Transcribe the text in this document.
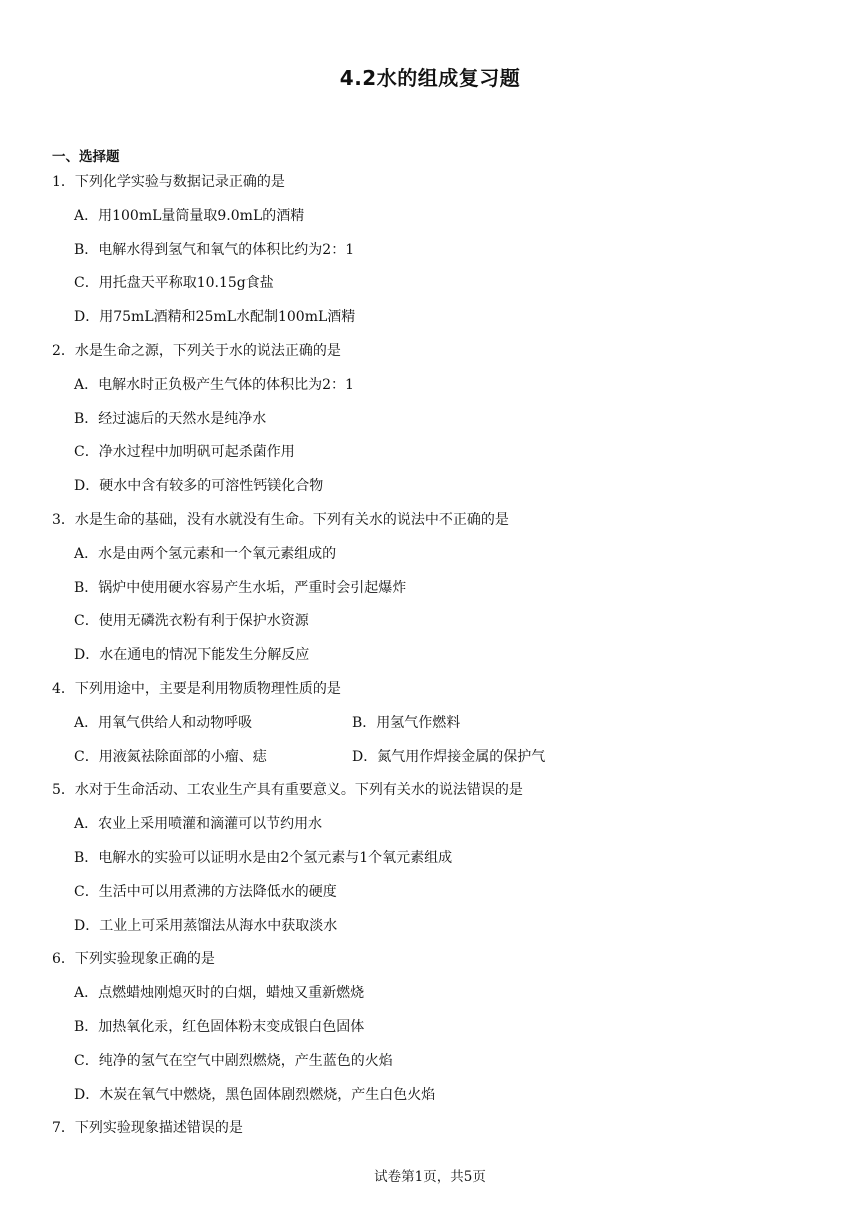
4.2水的组成复习题
一、选择题
1．下列化学实验与数据记录正确的是
A．用100mL量筒量取9.0mL的酒精
B．电解水得到氢气和氧气的体积比约为2：1
C．用托盘天平称取10.15g食盐
D．用75mL酒精和25mL水配制100mL酒精
2．水是生命之源，下列关于水的说法正确的是
A．电解水时正负极产生气体的体积比为2：1
B．经过滤后的天然水是纯净水
C．净水过程中加明矾可起杀菌作用
D．硬水中含有较多的可溶性钙镁化合物
3．水是生命的基础，没有水就没有生命。下列有关水的说法中不正确的是
A．水是由两个氢元素和一个氧元素组成的
B．锅炉中使用硬水容易产生水垢，严重时会引起爆炸
C．使用无磷洗衣粉有利于保护水资源
D．水在通电的情况下能发生分解反应
4．下列用途中，主要是利用物质物理性质的是
A．用氧气供给人和动物呼吸	B．用氢气作燃料
C．用液氮祛除面部的小瘤、痣	D．氮气用作焊接金属的保护气
5．水对于生命活动、工农业生产具有重要意义。下列有关水的说法错误的是
A．农业上采用喷灌和滴灌可以节约用水
B．电解水的实验可以证明水是由2个氢元素与1个氧元素组成
C．生活中可以用煮沸的方法降低水的硬度
D．工业上可采用蒸馏法从海水中获取淡水
6．下列实验现象正确的是
A．点燃蜡烛刚熄灭时的白烟，蜡烛又重新燃烧
B．加热氧化汞，红色固体粉末变成银白色固体
C．纯净的氢气在空气中剧烈燃烧，产生蓝色的火焰
D．木炭在氧气中燃烧，黑色固体剧烈燃烧，产生白色火焰
7．下列实验现象描述错误的是
试卷第1页，共5页
